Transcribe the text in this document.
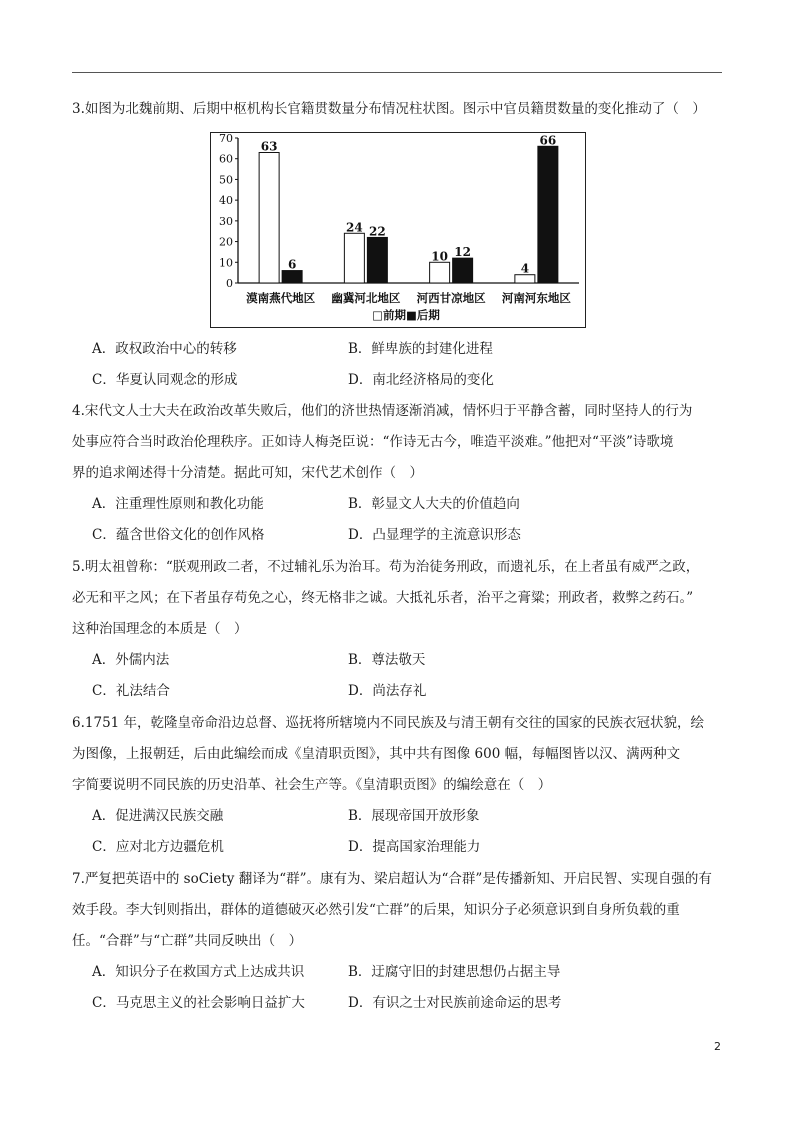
3.如图为北魏前期、后期中枢机构长官籍贯数量分布情况柱状图。图示中官员籍贯数量的变化推动了（　）

0
10
20
30
40
50
60
70
63
6
漠南燕代地区
24 22
幽冀河北地区
10 12
河西甘凉地区
4
66
河南河东地区
□前期■后期
A．政权政治中心的转移	B．鲜卑族的封建化进程
C．华夏认同观念的形成	D．南北经济格局的变化

4.宋代文人士大夫在政治改革失败后，他们的济世热情逐渐消减，情怀归于平静含蓄，同时坚持人的行为

处事应符合当时政治伦理秩序。正如诗人梅尧臣说：“作诗无古今，唯造平淡难。”他把对“平淡”诗歌境

界的追求阐述得十分清楚。据此可知，宋代艺术创作（　）

A．注重理性原则和教化功能	B．彰显文人大夫的价值趋向
C．蕴含世俗文化的创作风格	D．凸显理学的主流意识形态

5.明太祖曾称：“朕观刑政二者，不过辅礼乐为治耳。苟为治徒务刑政，而遗礼乐，在上者虽有威严之政，

必无和平之风；在下者虽存苟免之心，终无格非之诚。大抵礼乐者，治平之膏粱；刑政者，救弊之药石。”

这种治国理念的本质是（　）

A．外儒内法	B．尊法敬天
C．礼法结合	D．尚法存礼

6.1751 年，乾隆皇帝命沿边总督、巡抚将所辖境内不同民族及与清王朝有交往的国家的民族衣冠状貌，绘

为图像，上报朝廷，后由此编绘而成《皇清职贡图》，其中共有图像 600 幅，每幅图皆以汉、满两种文

字简要说明不同民族的历史沿革、社会生产等。《皇清职贡图》的编绘意在（　）

A．促进满汉民族交融	B．展现帝国开放形象
C．应对北方边疆危机	D．提高国家治理能力

7.严复把英语中的 soCiety 翻译为“群”。康有为、梁启超认为“合群”是传播新知、开启民智、实现自强的有

效手段。李大钊则指出，群体的道德破灭必然引发“亡群”的后果，知识分子必须意识到自身所负载的重

任。“合群”与“亡群”共同反映出（　）

A．知识分子在救国方式上达成共识	B．迂腐守旧的封建思想仍占据主导
C．马克思主义的社会影响日益扩大	D．有识之士对民族前途命运的思考
2
